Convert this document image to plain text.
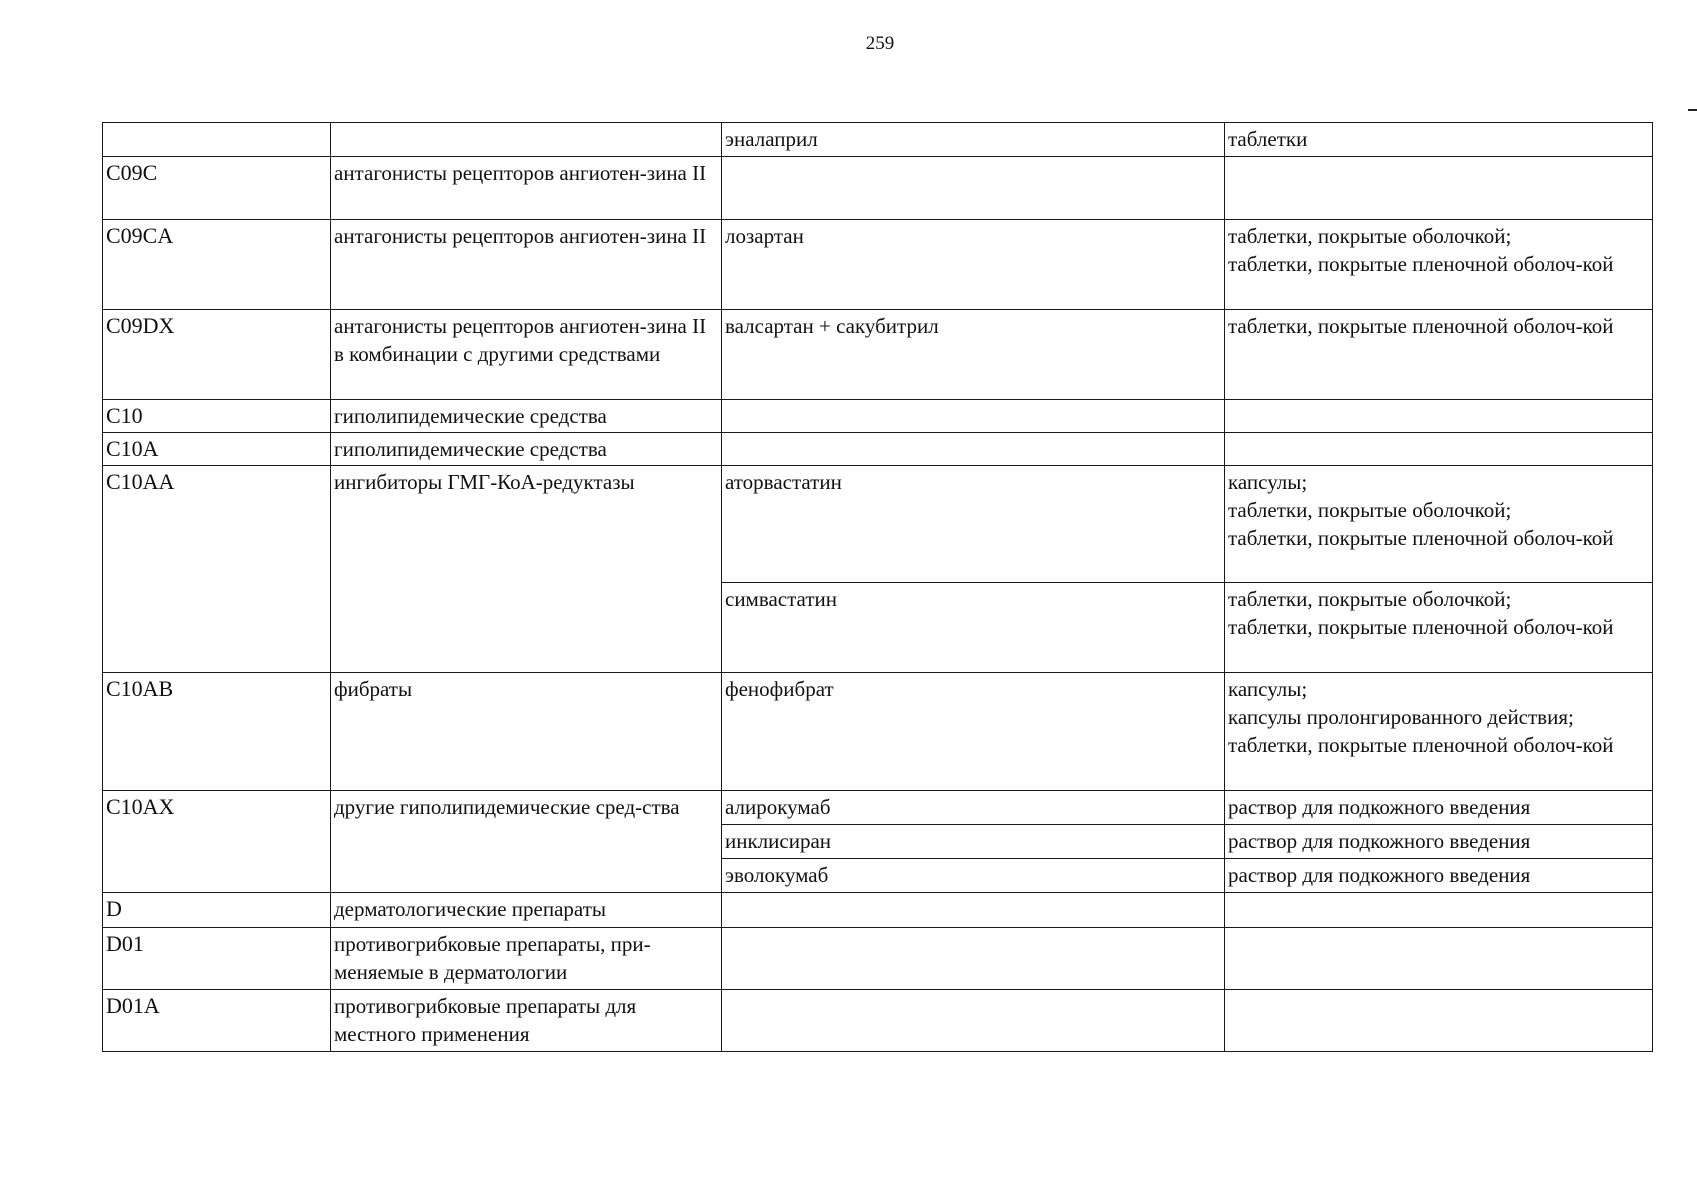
259
		эналаприл	таблетки

C09C	антагонисты рецепторов ангиотен-зина II		
C09CA	антагонисты рецепторов ангиотен-зина II	лозартан	таблетки, покрытые оболочкой;
таблетки, покрытые пленочной оболоч-кой

C09DX	антагонисты рецепторов ангиотен-зина II в комбинации с другими средствами	валсартан + сакубитрил	таблетки, покрытые пленочной оболоч-кой

C10	гиполипидемические средства		
C10A	гиполипидемические средства		
C10AA	ингибиторы ГМГ-КоА-редуктазы	аторвастатин	капсулы;
таблетки, покрытые оболочкой;
таблетки, покрытые пленочной оболоч-кой

		симвастатин	таблетки, покрытые оболочкой;
таблетки, покрытые пленочной оболоч-кой

C10AB	фибраты	фенофибрат	капсулы;
капсулы пролонгированного действия;
таблетки, покрытые пленочной оболоч-кой

C10AX	другие гиполипидемические сред-ства	алирокумаб	раствор для подкожного введения

		инклисиран	раствор для подкожного введения

		эволокумаб	раствор для подкожного введения

D	дерматологические препараты		
D01	противогрибковые препараты, при-меняемые в дерматологии		
D01A	противогрибковые препараты для местного применения		
